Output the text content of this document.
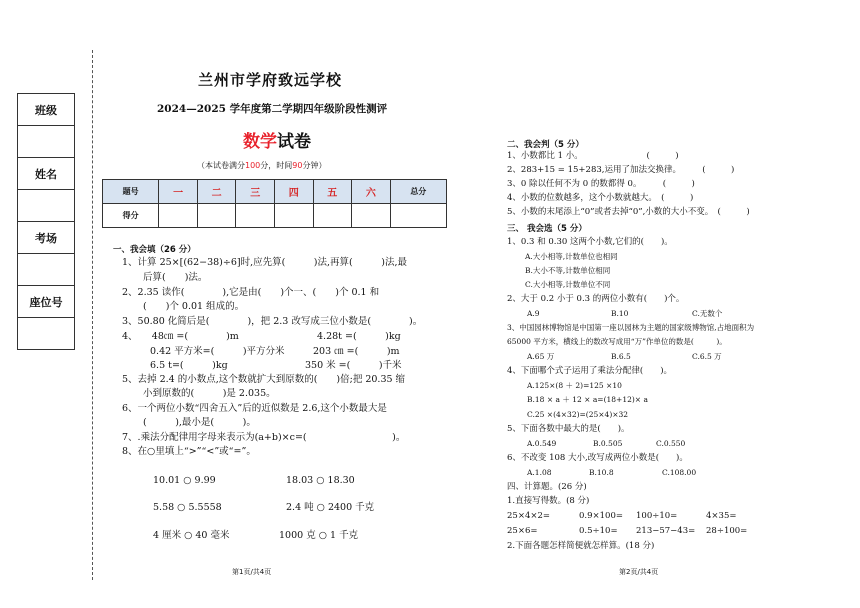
班级

姓名

考场

座位号

兰州市学府致远学校
2024—2025 学年度第二学期四年级阶段性测评
数学试卷
（本试卷满分100分，时间90分钟）
题号	一	二	三	四	五	六	总分
得分							
一、我会填（26 分）
1、计算 25×[(62−38)÷6]时,应先算(　　　)法,再算(　　　)法,最
后算(　　)法。
2、2.35 读作(　　　　),它是由(　　)个一、(　　)个 0.1 和
(　　)个 0.01 组成的。
3、50.80 化简后是(　　　　)，把 2.3 改写成三位小数是(　　　　)。
4、　　48㎝ =(　　　　)m	4.28t =(　　　)kg
0.42 平方米=(　　　)平方分米	203 ㎝ =(　　　)m
6.5 t=(　　　)kg	350 米 =(　　　)千米
5、去掉 2.4 的小数点,这个数就扩大到原数的(　　)倍;把 20.35 缩
小到原数的(　　　)是 2.035。
6、一个两位小数“四舍五入”后的近似数是 2.6,这个小数最大是
(　　　),最小是(　　　)。
7、.乘法分配律用字母来表示为(a+b)×c=(　　　　　　　　　)。
8、在○里填上“>”“<”或“=”。
10.01 ○ 9.99	18.03 ○ 18.30
5.58 ○ 5.5558	2.4 吨 ○ 2400 千克
4 厘米 ○ 40 毫米	1000 克 ○ 1 千克
第1页/共4页
二、我会判（5 分）
1、小数都比 1 小。　　　　　　　　(　　　)
2、283+15 = 15+283,运用了加法交换律。　　　(　　　)
3、0 除以任何不为 0 的数都得 0。　　　(　　　)
4、小数的位数越多，这个小数就越大。　(　　　)
5、小数的末尾添上“0”或者去掉“0”,小数的大小不变。　(　　　)
三、 我会选（5 分）
1、0.3 和 0.30 这两个小数,它们的(　　)。
A.大小相等,计数单位也相同
B.大小不等,计数单位相同
C.大小相等,计数单位不同
2、大于 0.2 小于 0.3 的两位小数有(　　)个。
A.9	B.10	C.无数个
3、中国园林博物馆是中国第一座以园林为主题的国家级博物馆,占地面积为
65000 平方米，横线上的数改写成用“万”作单位的数是(　　　)。
A.65 万	B.6.5	C.6.5 万
4、下面哪个式子运用了乘法分配律(　　)。
A.125×(8 ＋ 2)=125 ×10
B.18 × a ＋ 12 × a=(18+12)× a
C.25 ×(4×32)=(25×4)×32
5、下面各数中最大的是(　　)。
A.0.549	B.0.505	C.0.550
6、不改变 108 大小,改写成两位小数是(　　)。
A.1.08	B.10.8	C.108.00
四、计算题。(26 分)
1.直接写得数。(8 分)
25×4×2=	0.9×100= 100÷10=	4×35=
25×6=	0.5÷10= 213−57−43= 28÷100=
2.下面各题怎样简便就怎样算。(18 分)
第2页/共4页
